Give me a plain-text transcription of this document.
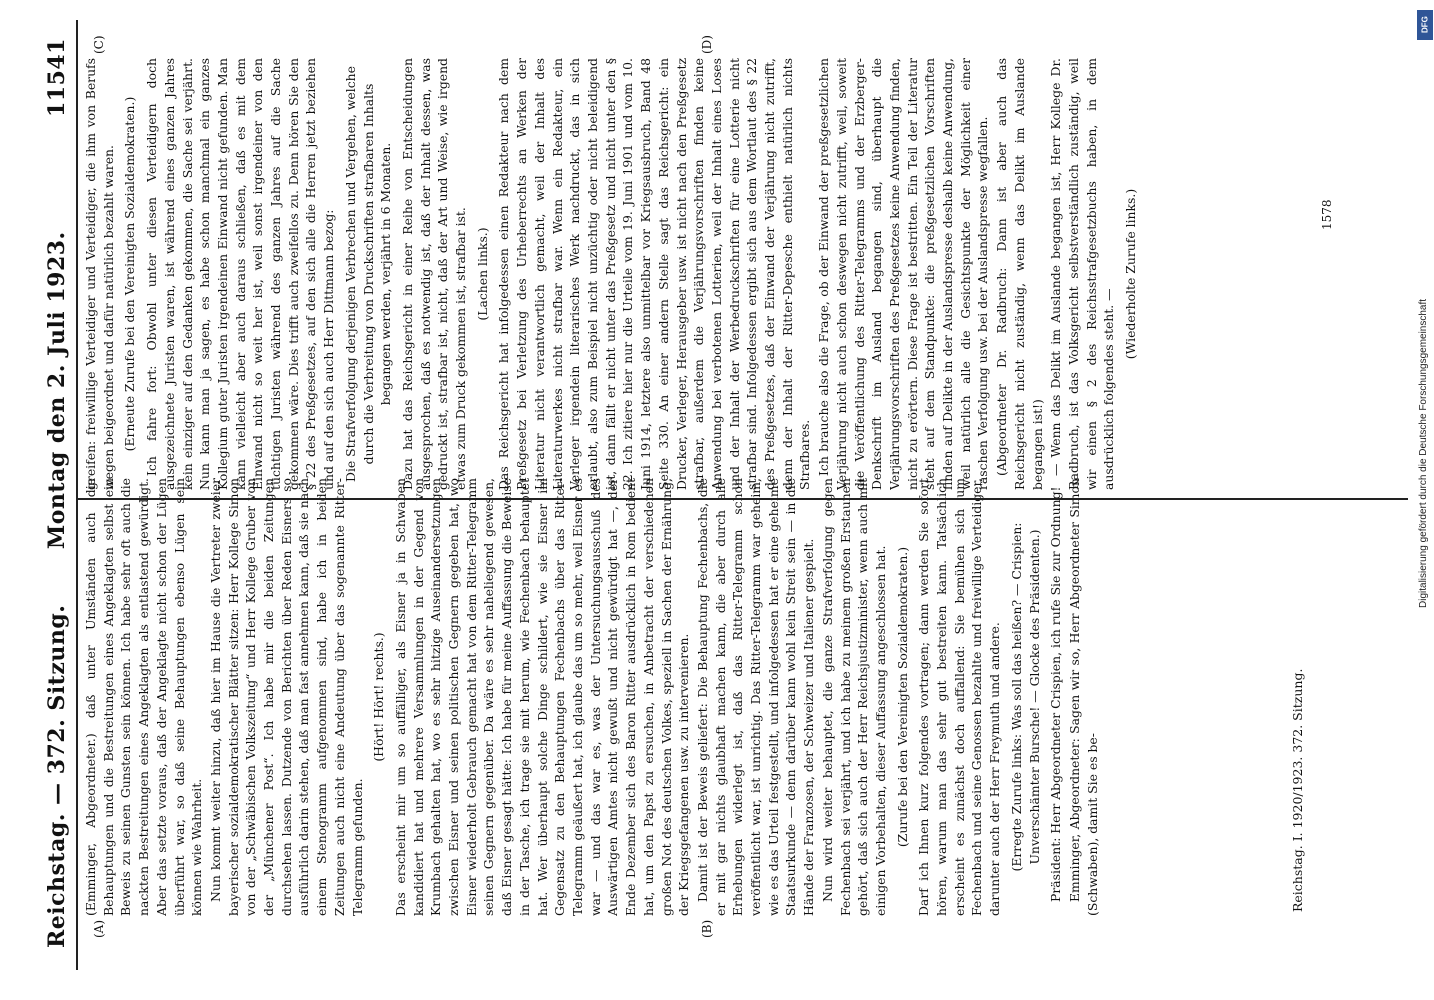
Reichstag. — 372. Sitzung.
Montag den 2. Juli 1923.              11541
(A)	(B)
(C)	(D)

(Emminger, Abgeordneter.) daß unter Umständen auch die Behauptungen und die Bestreitungen eines Angeklagten selbst ein Beweis zu seinen Gunsten sein können. Ich habe sehr oft auch die nackten Bestreitungen eines Angeklagten als entlastend gewürdigt. Aber das setzte voraus, daß der Angeklagte nicht schon der Lügen überführt war, so daß seine Behauptungen ebenso Lügen sein können wie Wahrheit. Nun kommt weiter hinzu, daß hier im Hause die Vertreter zweier bayerischer sozialdemokratischer Blätter sitzen: Herr Kollege Simon von der „Schwäbischen Volkszeitung“ und Herr Kollege Gruber von der „Münchener Post“. Ich habe mir die beiden Zeitungen durchsehen lassen. Dutzende von Berichten über Reden Eisners so ausführlich darin stehen, daß man fast annehmen kann, daß sie nach einem Stenogramm aufgenommen sind, habe ich in beiden Zeitungen auch nicht eine Andeutung über das sogenannte Ritter-Telegramm gefunden.

(Hört! Hört! rechts.) Das erscheint mir um so auffälliger, als Eisner ja in Schwaben kandidiert hat und mehrere Versammlungen in der Gegend von Krumbach gehalten hat, wo es sehr hitzige Auseinandersetzungen zwischen Eisner und seinen politischen Gegnern gegeben hat, wo Eisner wiederholt Gebrauch gemacht hat von dem Ritter-Telegramm seinen Gegnern gegenüber. Da wäre es sehr naheliegend gewesen, daß Eisner gesagt hätte: Ich habe für meine Auffassung die Beweise in der Tasche, ich trage sie mit herum, wie Fechenbach behauptet hat. Wer überhaupt solche Dinge schildert, wie sie Eisner im Gegensatz zu den Behauptungen Fechenbachs über das Ritter-Telegramm geäußert hat, ich glaube das um so mehr, weil Eisner es war — und das war es, was der Untersuchungsausschuß des Auswärtigen Amtes nicht gewußt und nicht gewürdigt hat —, der Ende Dezember sich des Baron Ritter ausdrücklich in Rom bedient hat, um den Papst zu ersuchen, in Anbetracht der verschiedenen großen Not des deutschen Volkes, speziell in Sachen der Ernährung, der Kriegsgefangenen usw. zu intervenieren. Damit ist der Beweis geliefert: Die Behauptung Fechenbachs, die er mit gar nichts glaubhaft machen kann, die aber durch alle Erhebungen widerlegt ist, daß das Ritter-Telegramm schon veröffentlicht war, ist unrichtig. Das Ritter-Telegramm war geheim, wie es das Urteil festgestellt, und infolgedessen hat er eine geheime Staatsurkunde — denn darüber kann wohl kein Streit sein — in die Hände der Franzosen, der Schweizer und Italiener gespielt. Nun wird weiter behauptet, die ganze Strafverfolgung gegen Fechenbach sei verjährt, und ich habe zu meinem großen Erstaunen gehört, daß sich auch der Herr Reichsjustizminister, wenn auch mit einigen Vorbehalten, dieser Auffassung angeschlossen hat. (Zurufe bei den Vereinigten Sozialdemokraten.) Darf ich Ihnen kurz folgendes vortragen; dann werden Sie sofort hören, warum man das sehr gut bestreiten kann. Tatsächlich erscheint es zunächst doch auffallend: Sie bemühen sich um Fechenbach und seine Genossen bezahlte und freiwillige Verteidiger, darunter auch der Herr Freymuth und andere. (Erregte Zurufe links: Was soll das heißen? — Crispien: Unverschämter Bursche! — Glocke des Präsidenten.) Präsident: Herr Abgeordneter Crispien, ich rufe Sie zur Ordnung! Emminger, Abgeordneter: Sagen wir so, Herr Abgeordneter Simon (Schwaben), damit Sie es be-

greifen: freiwillige Verteidiger und Verteidiger, die ihm von Berufs wegen beigeordnet und dafür natürlich bezahlt waren. (Erneute Zurufe bei den Vereinigten Sozialdemokraten.) Ich fahre fort: Obwohl unter diesen Verteidigern doch ausgezeichnete Juristen waren, ist während eines ganzen Jahres kein einziger auf den Gedanken gekommen, die Sache sei verjährt. Nun kann man ja sagen, es habe schon manchmal ein ganzes Kollegium guter Juristen irgendeinen Einwand nicht gefunden. Man kann vielleicht aber auch daraus schließen, daß es mit dem Einwand nicht so weit her ist, weil sonst irgendeiner von den tüchtigen Juristen während des ganzen Jahres auf die Sache gekommen wäre. Dies trifft auch zweifellos zu. Denn hören Sie den § 22 des Preßgesetzes, auf den sich alle die Herren jetzt beziehen und auf den sich auch Herr Dittmann bezog: Die Strafverfolgung derjenigen Verbrechen und Vergehen, welche durch die Verbreitung von Druckschriften strafbaren Inhalts begangen werden, verjährt in 6 Monaten. Dazu hat das Reichsgericht in einer Reihe von Entscheidungen ausgesprochen, daß es notwendig ist, daß der Inhalt dessen, was gedruckt ist, strafbar ist, nicht, daß der Art und Weise, wie irgend etwas zum Druck gekommen ist, strafbar ist. (Lachen links.) Das Reichsgericht hat infolgedessen einen Redakteur nach dem Preßgesetz bei Verletzung des Urheberrechts an Werken der Literatur nicht verantwortlich gemacht, weil der Inhalt des Literaturwerkes nicht strafbar war. Wenn ein Redakteur, ein Verleger irgendein literarisches Werk nachdruckt, das in sich erlaubt, also zum Beispiel nicht unzüchtig oder nicht beleidigend ist, dann fällt er nicht unter das Preßgesetz und nicht unter den § 22. Ich zitiere hier nur die Urteile vom 19. Juni 1901 und vom 10. Juni 1914, letztere also unmittelbar vor Kriegsausbruch, Band 48 Seite 330. An einer andern Stelle sagt das Reichsgericht: ein Drucker, Verleger, Herausgeber usw. ist nicht nach den Preßgesetz strafbar, außerdem die Verjährungsvorschriften finden keine Anwendung bei verbotenen Lotterien, weil der Inhalt eines Loses und der Inhalt der Werbedruckschriften für eine Lotterie nicht strafbar sind. Infolgedessen ergibt sich aus dem Wortlaut des § 22 des Preßgesetzes, daß der Einwand der Verjährung nicht zutrifft, denn der Inhalt der Ritter-Depesche enthielt natürlich nichts Strafbares. Ich brauche also die Frage, ob der Einwand der preßgesetzlichen Verjährung nicht auch schon deswegen nicht zutrifft, weil, soweit die Veröffentlichung des Ritter-Telegramms und der Erzberger-Denkschrift im Ausland begangen sind, überhaupt die Verjährungsvorschriften des Preßgesetzes keine Anwendung finden, nicht zu erörtern. Diese Frage ist bestritten. Ein Teil der Literatur steht auf dem Standpunkte: die preßgesetzlichen Vorschriften finden auf Delikte in der Auslandspresse deshalb keine Anwendung, weil natürlich alle die Gesichtspunkte der Möglichkeit einer raschen Verfolgung usw. bei der Auslandspresse wegfallen. (Abgeordneter Dr. Radbruch: Dann ist aber auch das Reichsgericht nicht zuständig, wenn das Delikt im Auslande begangen ist!) — Wenn das Delikt im Auslande begangen ist, Herr Kollege Dr. Radbruch, ist das Volksgericht selbstverständlich zuständig, weil wir einen § 2 des Reichsstrafgesetzbuchs haben, in dem ausdrücklich folgendes steht. —

(Wiederholte Zurufe links.)

Reichstag. I. 1920/1923. 372. Sitzung.
1578
DFG
Digitalisierung gefördert durch die Deutsche Forschungsgemeinschaft
